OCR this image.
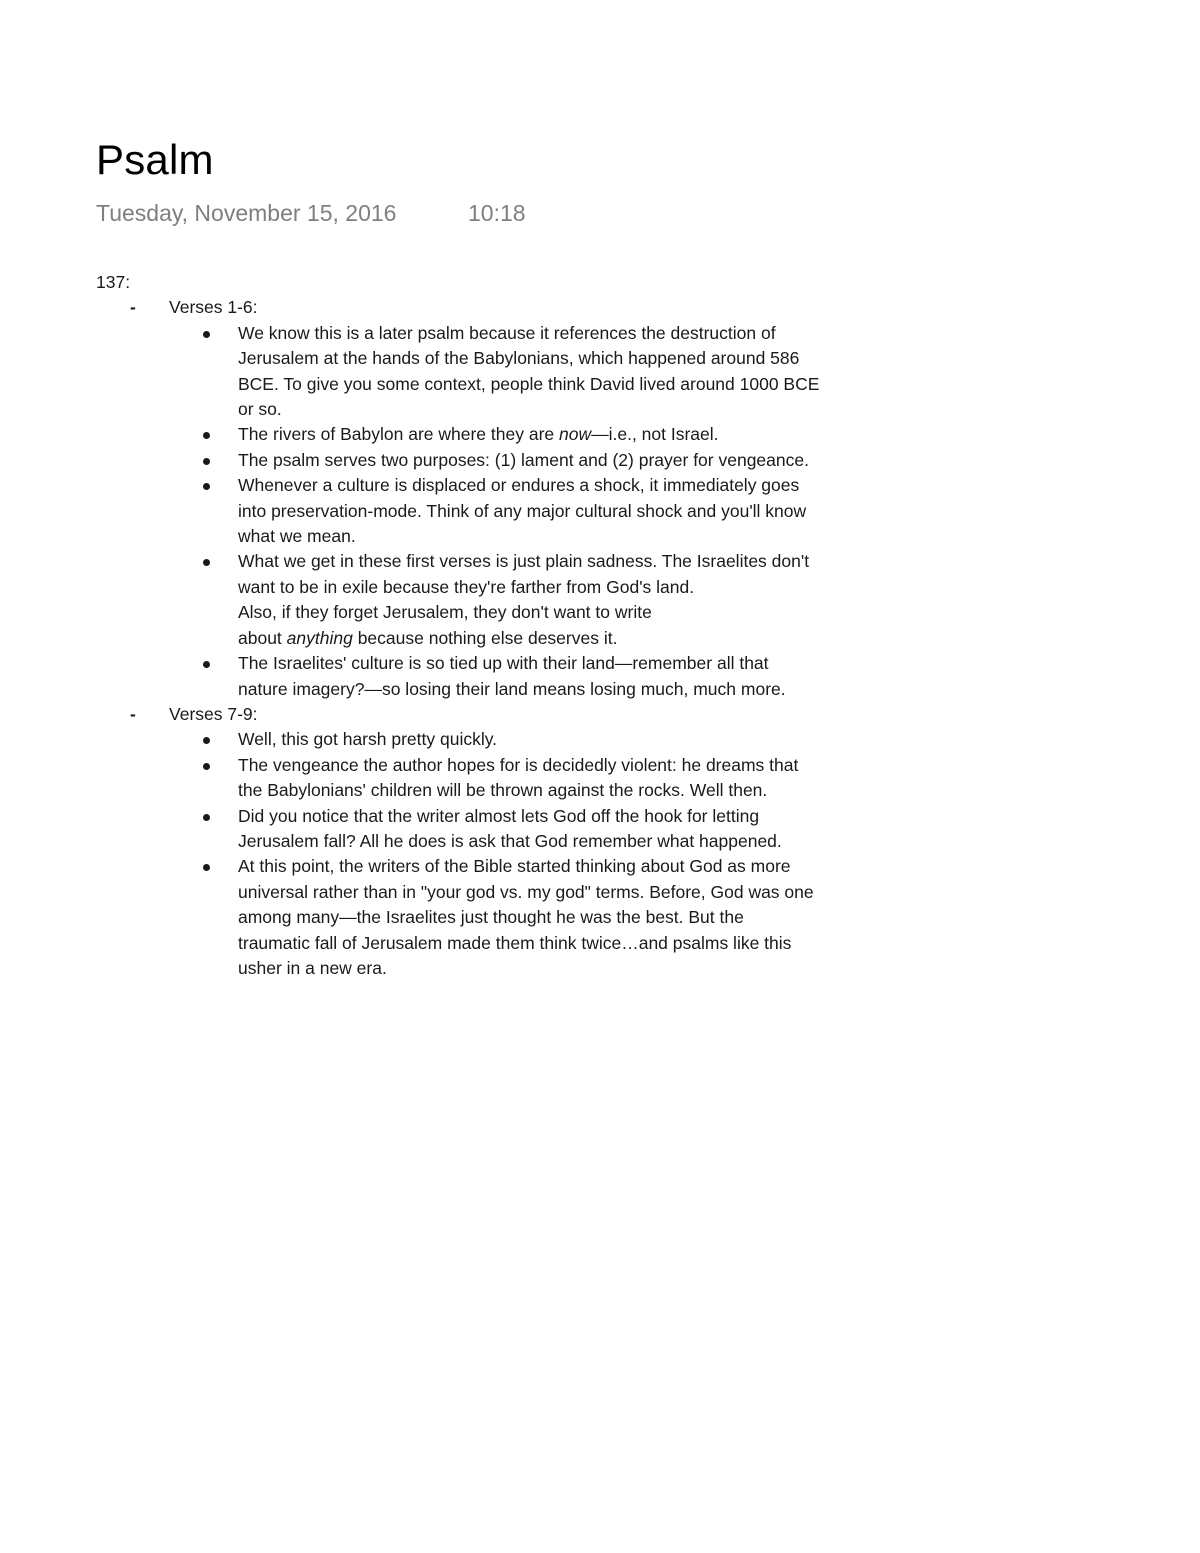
Psalm
Tuesday, November 15, 2016	10:18
137:
- Verses 1-6:
We know this is a later psalm because it references the destruction of
Jerusalem at the hands of the Babylonians, which happened around 586
BCE. To give you some context, people think David lived around 1000 BCE
or so.
The rivers of Babylon are where they are now—i.e., not Israel.
The psalm serves two purposes: (1) lament and (2) prayer for vengeance.
Whenever a culture is displaced or endures a shock, it immediately goes
into preservation-mode. Think of any major cultural shock and you'll know
what we mean.
What we get in these first verses is just plain sadness. The Israelites don't
want to be in exile because they're farther from God's land.
Also, if they forget Jerusalem, they don't want to write
about anything because nothing else deserves it.
The Israelites' culture is so tied up with their land—remember all that
nature imagery?—so losing their land means losing much, much more.
- Verses 7-9:
Well, this got harsh pretty quickly.
The vengeance the author hopes for is decidedly violent: he dreams that
the Babylonians' children will be thrown against the rocks. Well then.
Did you notice that the writer almost lets God off the hook for letting
Jerusalem fall? All he does is ask that God remember what happened.
At this point, the writers of the Bible started thinking about God as more
universal rather than in "your god vs. my god" terms. Before, God was one
among many—the Israelites just thought he was the best. But the
traumatic fall of Jerusalem made them think twice…and psalms like this
usher in a new era.
